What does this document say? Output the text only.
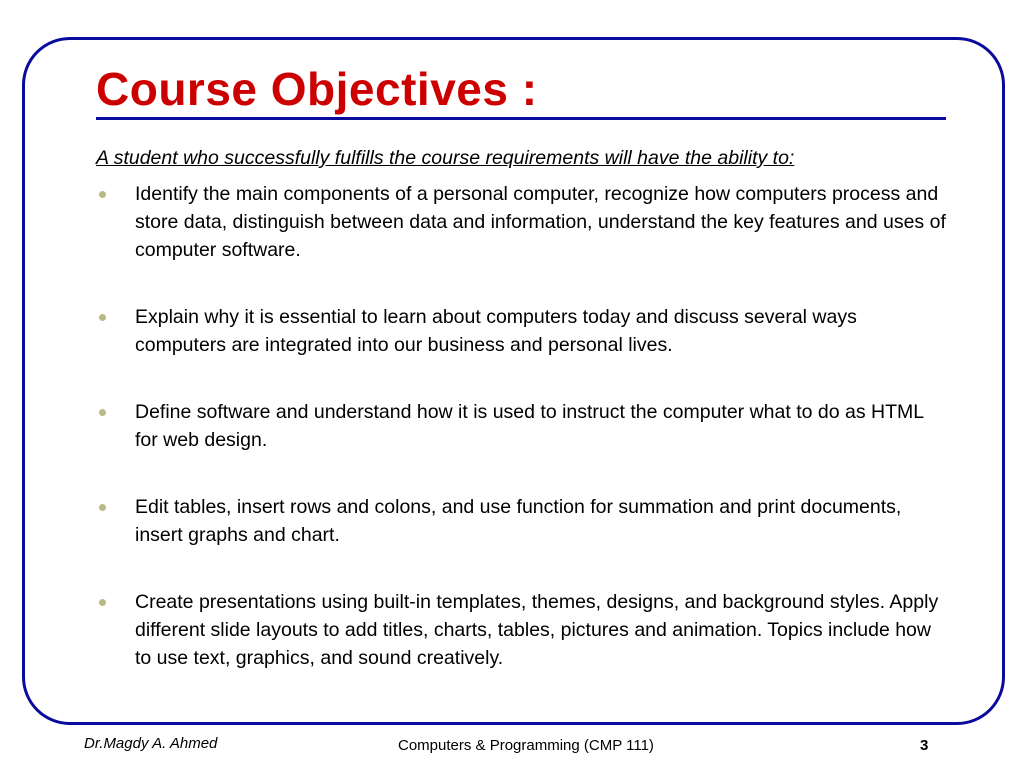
Course Objectives :
A student who successfully fulfills the course requirements will have the ability to:
Identify the main components of a personal computer, recognize how computers process and store data, distinguish between data and information, understand the key features and uses of computer software.
Explain why it is essential to learn about computers today and discuss several ways computers are integrated into our business and personal lives.
Define software and understand how it is used to instruct the computer what to do as HTML for web design.
Edit tables, insert rows and colons, and use function for summation and print documents, insert graphs and chart.
Create presentations using built-in templates, themes, designs, and background styles. Apply different slide layouts to add titles, charts, tables, pictures and animation. Topics include how to use text, graphics, and sound creatively.
Dr.Magdy A. Ahmed	Computers & Programming (CMP 111)	3
